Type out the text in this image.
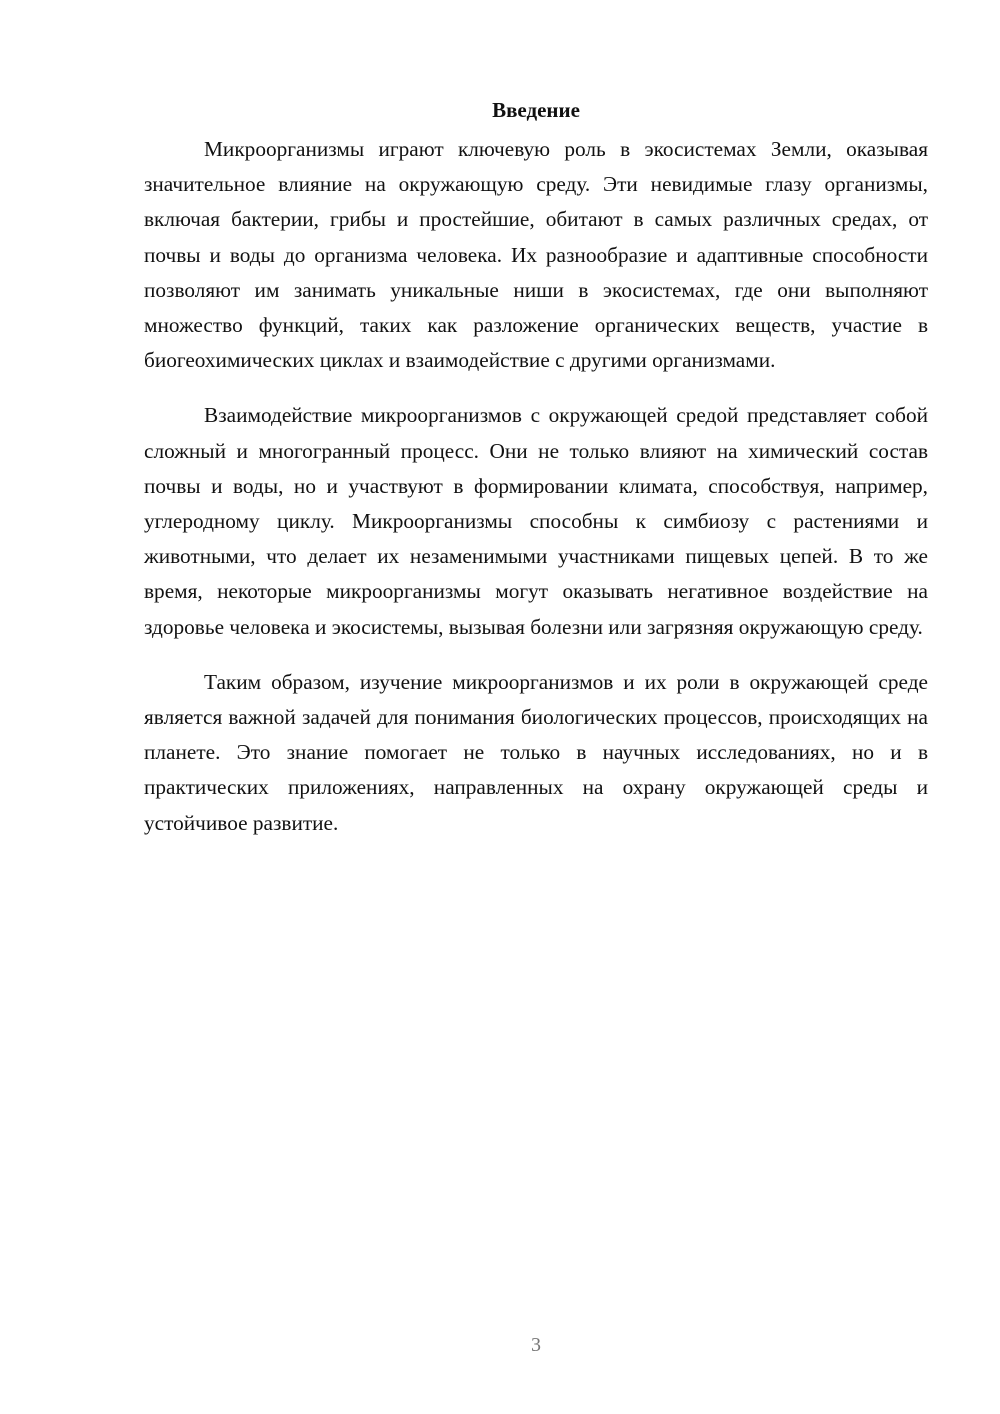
Введение

Микроорганизмы играют ключевую роль в экосистемах Земли, оказывая значительное влияние на окружающую среду. Эти невидимые глазу организмы, включая бактерии, грибы и простейшие, обитают в самых различных средах, от почвы и воды до организма человека. Их разнообразие и адаптивные способности позволяют им занимать уникальные ниши в экосистемах, где они выполняют множество функций, таких как разложение органических веществ, участие в биогеохимических циклах и взаимодействие с другими организмами.

Взаимодействие микроорганизмов с окружающей средой представляет собой сложный и многогранный процесс. Они не только влияют на химический состав почвы и воды, но и участвуют в формировании климата, способствуя, например, углеродному циклу. Микроорганизмы способны к симбиозу с растениями и животными, что делает их незаменимыми участниками пищевых цепей. В то же время, некоторые микроорганизмы могут оказывать негативное воздействие на здоровье человека и экосистемы, вызывая болезни или загрязняя окружающую среду.

Таким образом, изучение микроорганизмов и их роли в окружающей среде является важной задачей для понимания биологических процессов, происходящих на планете. Это знание помогает не только в научных исследованиях, но и в практических приложениях, направленных на охрану окружающей среды и устойчивое развитие.

3
